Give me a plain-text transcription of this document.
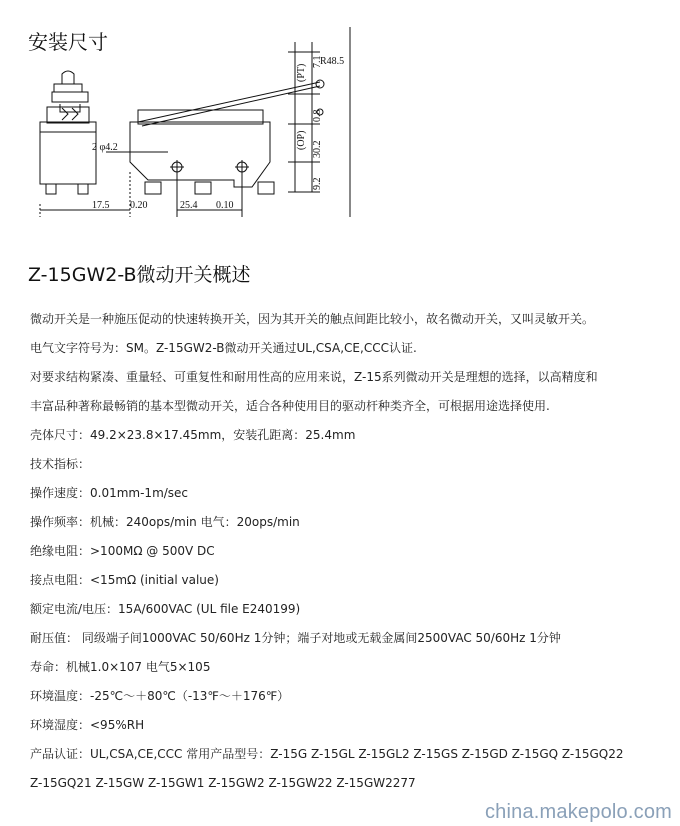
安装尺寸
R48.5
(PT)
7.1
0.8
(OP) 30.2
9.2
2 φ4.2
17.5 0.20	25.4 0.10
Z-15GW2-B微动开关概述

微动开关是一种施压促动的快速转换开关，因为其开关的触点间距比较小，故名微动开关，又叫灵敏开关。

电气文字符号为：SM。Z-15GW2-B微动开关通过UL,CSA,CE,CCC认证.

对要求结构紧凑、重量轻、可重复性和耐用性高的应用来说，Z-15系列微动开关是理想的选择，以高精度和

丰富品种著称最畅销的基本型微动开关，适合各种使用目的驱动杆种类齐全，可根据用途选择使用.

壳体尺寸：49.2×23.8×17.45mm，安装孔距离：25.4mm

技术指标：

操作速度：0.01mm-1m/sec

操作频率：机械：240ops/min 电气：20ops/min

绝缘电阻：>100MΩ @ 500V DC

接点电阻：<15mΩ (initial value)

额定电流/电压：15A/600VAC (UL file E240199)

耐压值： 同级端子间1000VAC 50/60Hz 1分钟；端子对地或无载金属间2500VAC 50/60Hz 1分钟

寿命：机械1.0×107 电气5×105

环境温度：-25℃～＋80℃（-13℉～＋176℉）

环境湿度：<95%RH

产品认证：UL,CSA,CE,CCC 常用产品型号：Z-15G Z-15GL Z-15GL2 Z-15GS Z-15GD Z-15GQ Z-15GQ22

Z-15GQ21 Z-15GW Z-15GW1 Z-15GW2 Z-15GW22 Z-15GW2277

china.makepolo.com
